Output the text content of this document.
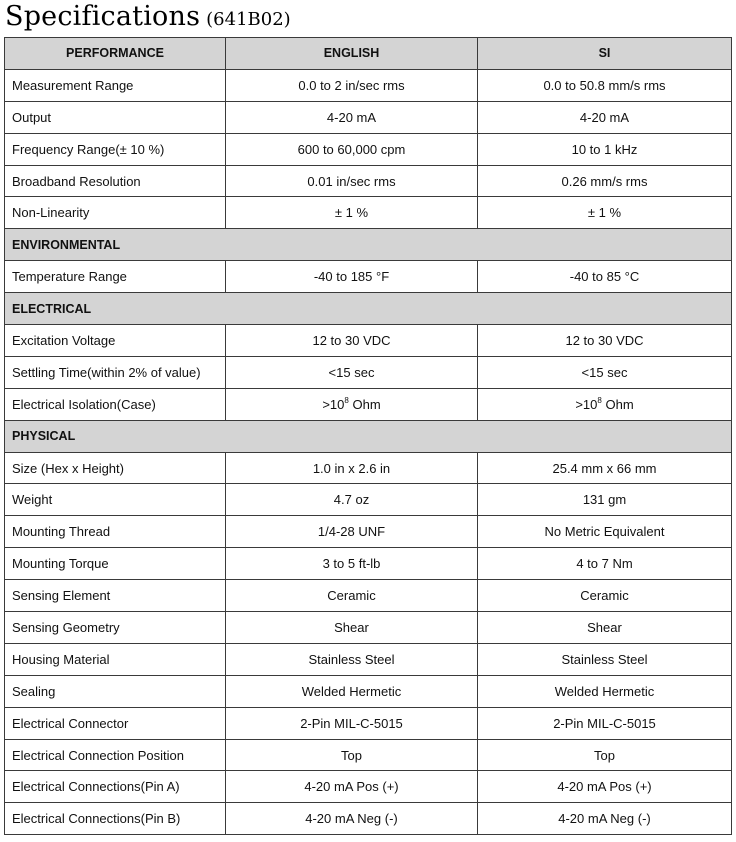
Specifications (641B02)
PERFORMANCE	ENGLISH	SI
Measurement Range	0.0 to 2 in/sec rms	0.0 to 50.8 mm/s rms
Output	4-20 mA	4-20 mA
Frequency Range(± 10 %)	600 to 60,000 cpm	10 to 1 kHz
Broadband Resolution	0.01 in/sec rms	0.26 mm/s rms
Non-Linearity	± 1 %	± 1 %
ENVIRONMENTAL		
Temperature Range	-40 to 185 °F	-40 to 85 °C
ELECTRICAL		
Excitation Voltage	12 to 30 VDC	12 to 30 VDC
Settling Time(within 2% of value)	<15 sec	<15 sec
Electrical Isolation(Case)	$>10^8$ Ohm	$>10^8$ Ohm
PHYSICAL		
Size (Hex x Height)	1.0 in x 2.6 in	25.4 mm x 66 mm
Weight	4.7 oz	131 gm
Mounting Thread	1/4-28 UNF	No Metric Equivalent
Mounting Torque	3 to 5 ft-lb	4 to 7 Nm
Sensing Element	Ceramic	Ceramic
Sensing Geometry	Shear	Shear
Housing Material	Stainless Steel	Stainless Steel
Sealing	Welded Hermetic	Welded Hermetic
Electrical Connector	2-Pin MIL-C-5015	2-Pin MIL-C-5015
Electrical Connection Position	Top	Top
Electrical Connections(Pin A)	4-20 mA Pos (+)	4-20 mA Pos (+)
Electrical Connections(Pin B)	4-20 mA Neg (-)	4-20 mA Neg (-)
